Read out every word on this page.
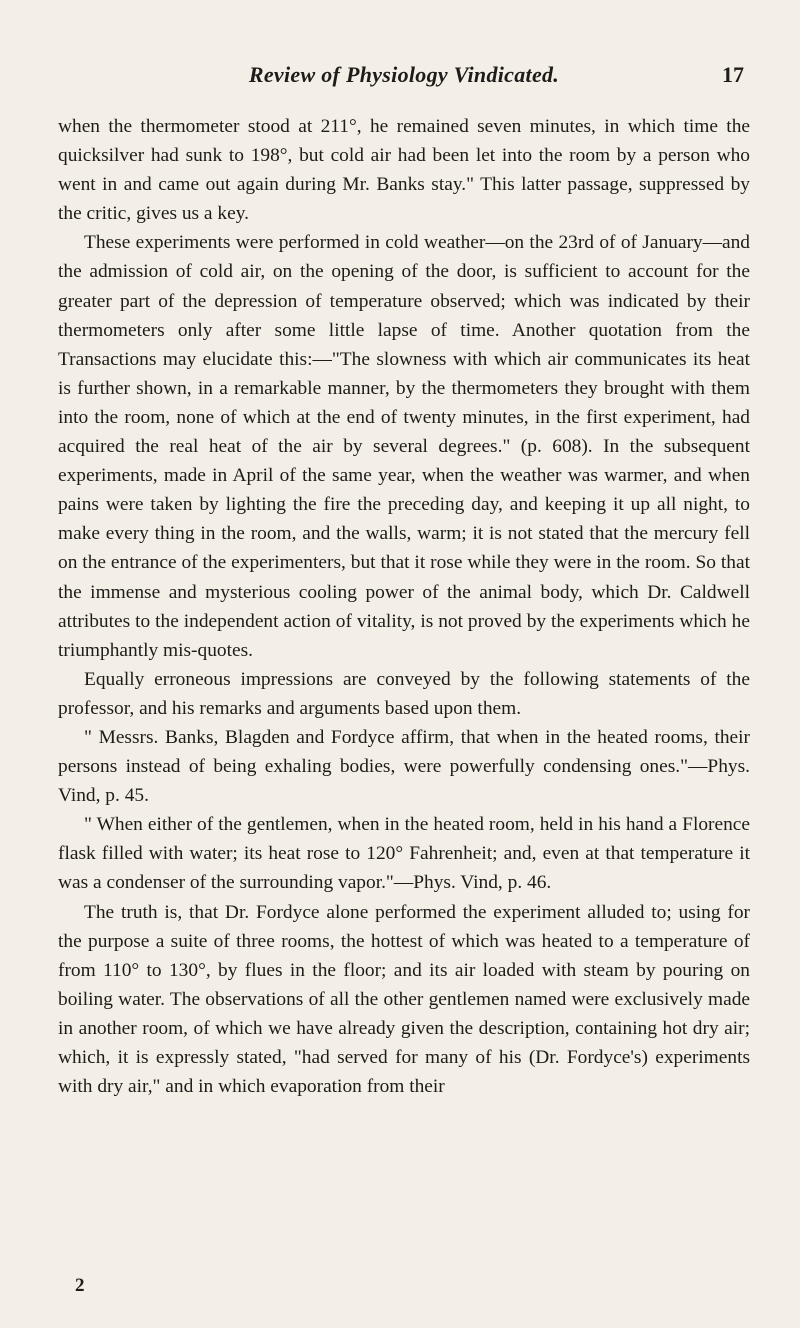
Review of Physiology Vindicated.	17

when the thermometer stood at 211°, he remained seven minutes, in which time the quicksilver had sunk to 198°, but cold air had been let into the room by a person who went in and came out again during Mr. Banks stay." This latter passage, suppressed by the critic, gives us a key.

These experiments were performed in cold weather—on the 23rd of of January—and the admission of cold air, on the opening of the door, is sufficient to account for the greater part of the depression of temperature observed; which was indicated by their thermometers only after some little lapse of time. Another quotation from the Transactions may elucidate this:—"The slowness with which air communicates its heat is further shown, in a remarkable manner, by the thermometers they brought with them into the room, none of which at the end of twenty minutes, in the first experiment, had acquired the real heat of the air by several degrees." (p. 608). In the subsequent experiments, made in April of the same year, when the weather was warmer, and when pains were taken by lighting the fire the preceding day, and keeping it up all night, to make every thing in the room, and the walls, warm; it is not stated that the mercury fell on the entrance of the experimenters, but that it rose while they were in the room. So that the immense and mysterious cooling power of the animal body, which Dr. Caldwell attributes to the independent action of vitality, is not proved by the experiments which he triumphantly mis-quotes.

Equally erroneous impressions are conveyed by the following statements of the professor, and his remarks and arguments based upon them.

" Messrs. Banks, Blagden and Fordyce affirm, that when in the heated rooms, their persons instead of being exhaling bodies, were powerfully condensing ones."—Phys. Vind, p. 45.

" When either of the gentlemen, when in the heated room, held in his hand a Florence flask filled with water; its heat rose to 120° Fahrenheit; and, even at that temperature it was a condenser of the surrounding vapor."—Phys. Vind, p. 46.

The truth is, that Dr. Fordyce alone performed the experiment alluded to; using for the purpose a suite of three rooms, the hottest of which was heated to a temperature of from 110° to 130°, by flues in the floor; and its air loaded with steam by pouring on boiling water. The observations of all the other gentlemen named were exclusively made in another room, of which we have already given the description, containing hot dry air; which, it is expressly stated, "had served for many of his (Dr. Fordyce's) experiments with dry air," and in which evaporation from their

2
